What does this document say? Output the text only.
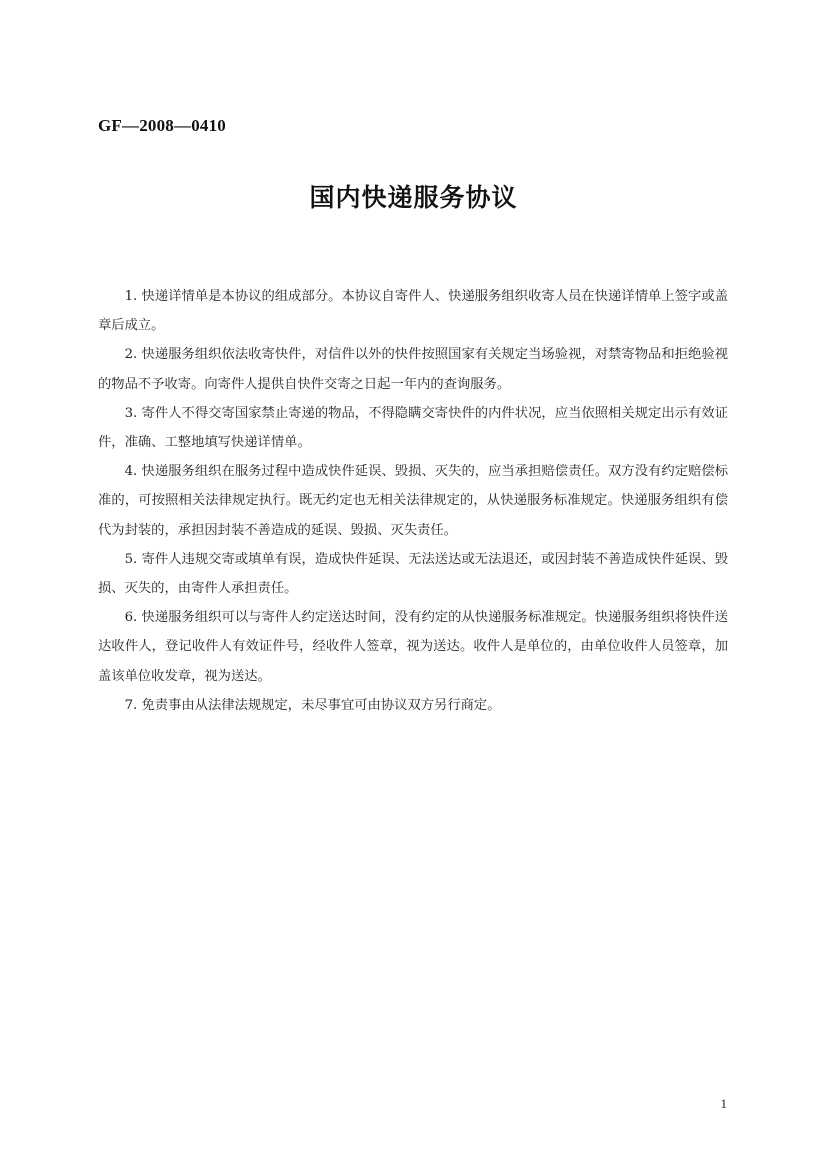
GF—2008—0410
国内快递服务协议

1. 快递详情单是本协议的组成部分。本协议自寄件人、快递服务组织收寄人员在快递详情单上签字或盖章后成立。

2. 快递服务组织依法收寄快件，对信件以外的快件按照国家有关规定当场验视，对禁寄物品和拒绝验视的物品不予收寄。向寄件人提供自快件交寄之日起一年内的查询服务。

3. 寄件人不得交寄国家禁止寄递的物品，不得隐瞒交寄快件的内件状况，应当依照相关规定出示有效证件，准确、工整地填写快递详情单。

4. 快递服务组织在服务过程中造成快件延误、毁损、灭失的，应当承担赔偿责任。双方没有约定赔偿标准的，可按照相关法律规定执行。既无约定也无相关法律规定的，从快递服务标准规定。快递服务组织有偿代为封装的，承担因封装不善造成的延误、毁损、灭失责任。

5. 寄件人违规交寄或填单有误，造成快件延误、无法送达或无法退还，或因封装不善造成快件延误、毁损、灭失的，由寄件人承担责任。

6. 快递服务组织可以与寄件人约定送达时间，没有约定的从快递服务标准规定。快递服务组织将快件送达收件人，登记收件人有效证件号，经收件人签章，视为送达。收件人是单位的，由单位收件人员签章，加盖该单位收发章，视为送达。

7. 免责事由从法律法规规定，未尽事宜可由协议双方另行商定。

1
